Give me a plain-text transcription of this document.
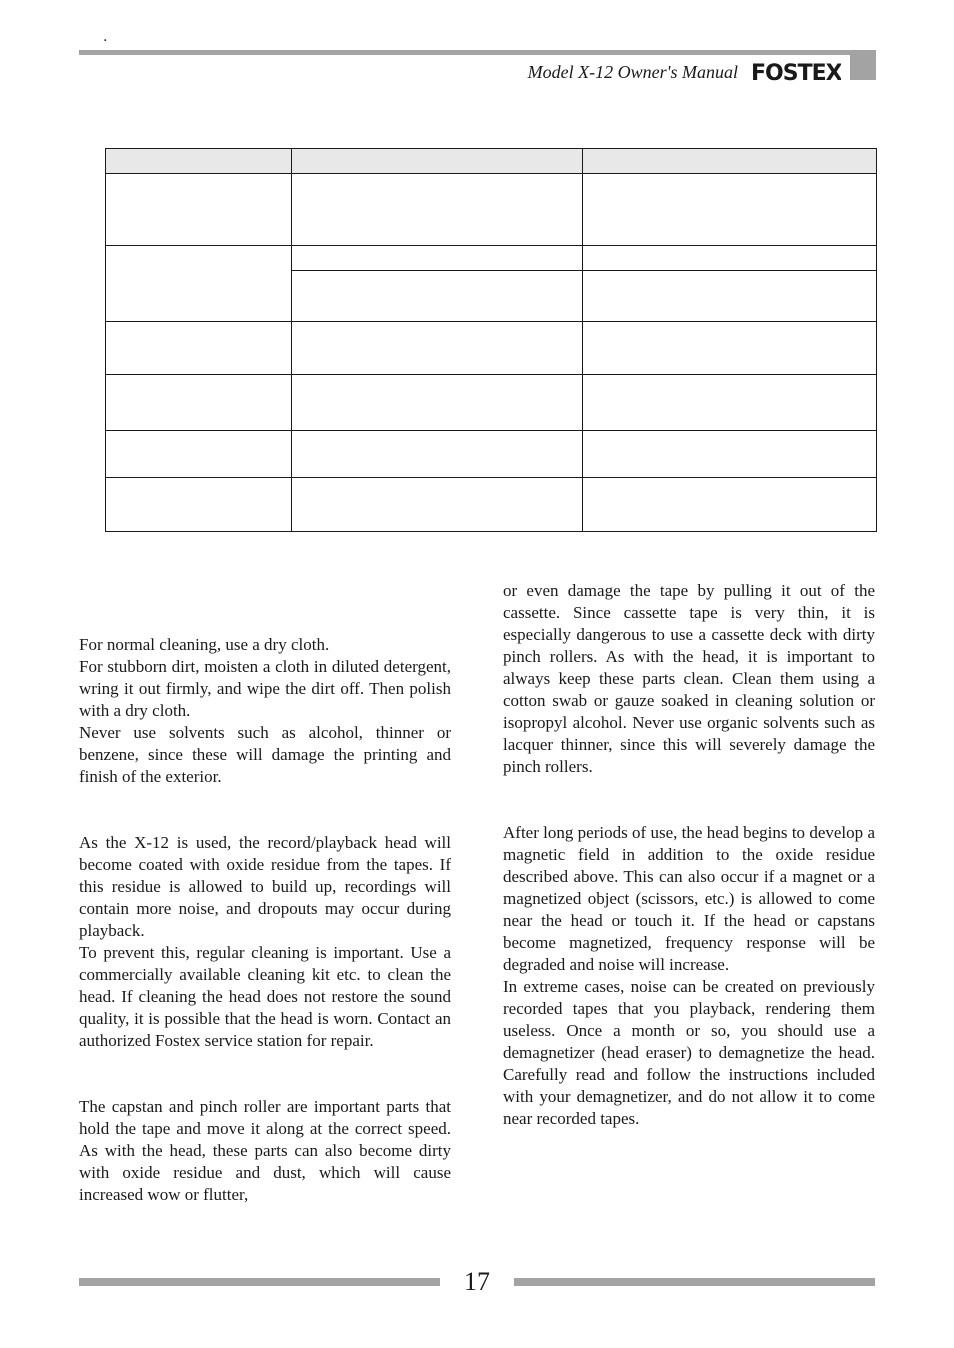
.
Model X-12 Owner's Manual FOSTEX

For normal cleaning, use a dry cloth.

For stubborn dirt, moisten a cloth in diluted detergent, wring it out firmly, and wipe the dirt off. Then polish with a dry cloth.

Never use solvents such as alcohol, thinner or benzene, since these will damage the printing and finish of the exterior.

As the X-12 is used, the record/playback head will become coated with oxide residue from the tapes. If this residue is allowed to build up, recordings will contain more noise, and dropouts may occur during playback.

To prevent this, regular cleaning is important. Use a commercially available cleaning kit etc. to clean the head. If cleaning the head does not restore the sound quality, it is possible that the head is worn. Contact an authorized Fostex service station for repair.

The capstan and pinch roller are important parts that hold the tape and move it along at the correct speed. As with the head, these parts can also become dirty with oxide residue and dust, which will cause increased wow or flutter,

or even damage the tape by pulling it out of the cassette. Since cassette tape is very thin, it is especially dangerous to use a cassette deck with dirty pinch rollers. As with the head, it is important to always keep these parts clean. Clean them using a cotton swab or gauze soaked in cleaning solution or isopropyl alcohol. Never use organic solvents such as lacquer thinner, since this will severely damage the pinch rollers.

After long periods of use, the head begins to develop a magnetic field in addition to the oxide residue described above. This can also occur if a magnet or a magnetized object (scissors, etc.) is allowed to come near the head or touch it. If the head or capstans become magnetized, frequency response will be degraded and noise will increase.

In extreme cases, noise can be created on previously recorded tapes that you playback, rendering them useless. Once a month or so, you should use a demagnetizer (head eraser) to demagnetize the head. Carefully read and follow the instructions included with your demagnetizer, and do not allow it to come near recorded tapes.

17
